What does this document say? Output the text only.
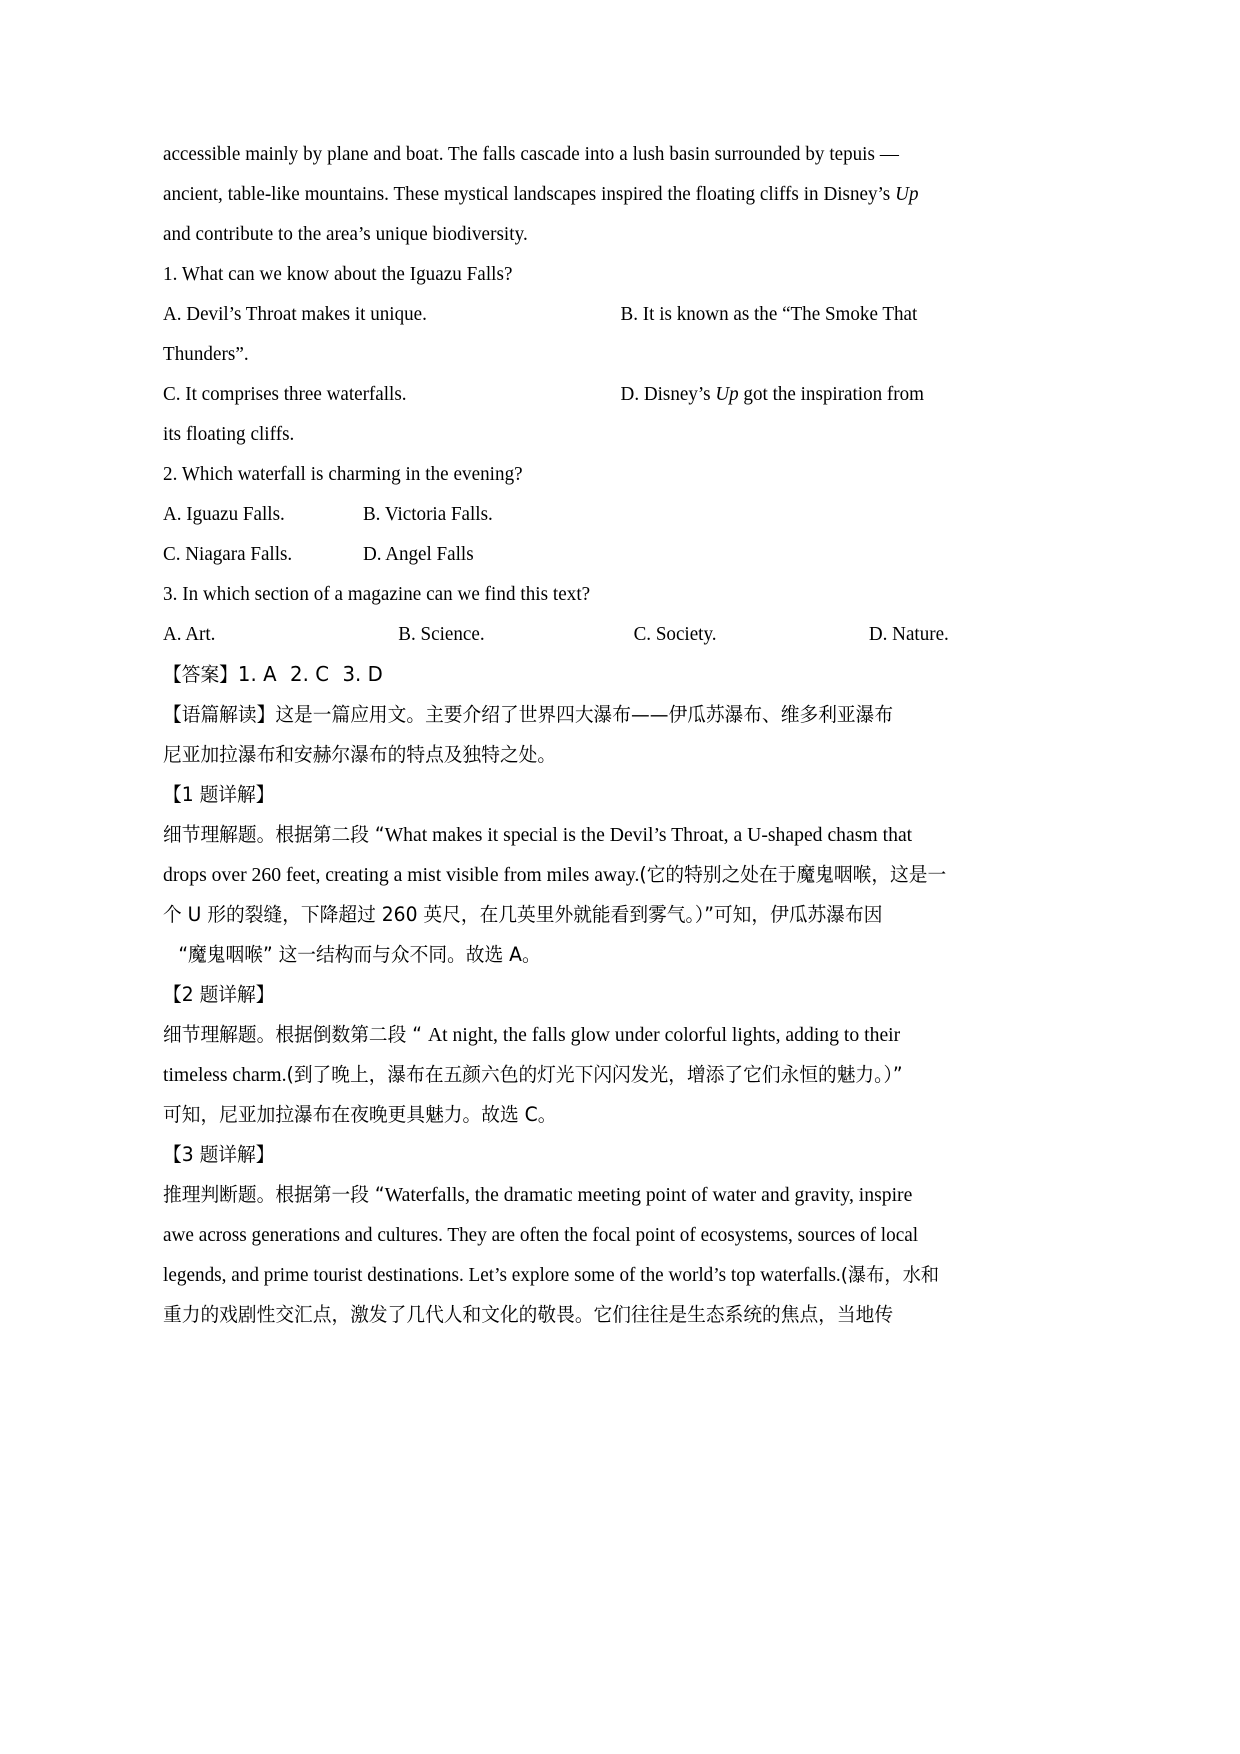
accessible mainly by plane and boat. The falls cascade into a lush basin surrounded by tepuis —
ancient, table-like mountains. These mystical landscapes inspired the floating cliffs in Disney’s Up
and contribute to the area’s unique biodiversity.
1. What can we know about the Iguazu Falls?
A. Devil’s Throat makes it unique.	B. It is known as the “The Smoke That
Thunders”.
C. It comprises three waterfalls.	D. Disney’s Up got the inspiration from
its floating cliffs.
2. Which waterfall is charming in the evening?
A. Iguazu Falls.	B. Victoria Falls.
C. Niagara Falls.	D. Angel Falls
3. In which section of a magazine can we find this text?
A. Art.	B. Science.	C. Society.	D. Nature.
【答案】1. A 2. C 3. D
【语篇解读】这是一篇应用文。主要介绍了世界四大瀑布——伊瓜苏瀑布、维多利亚瀑布
尼亚加拉瀑布和安赫尔瀑布的特点及独特之处。
【1 题详解】
细节理解题。根据第二段 “What makes it special is the Devil’s Throat, a U-shaped chasm that
drops over 260 feet, creating a mist visible from miles away.(它的特别之处在于魔鬼咽喉，这是一
个 U 形的裂缝，下降超过 260 英尺，在几英里外就能看到雾气。）”可知，伊瓜苏瀑布因
“魔鬼咽喉” 这一结构而与众不同。故选 A。
【2 题详解】
细节理解题。根据倒数第二段 “ At night, the falls glow under colorful lights, adding to their
timeless charm.(到了晚上，瀑布在五颜六色的灯光下闪闪发光，增添了它们永恒的魅力。）”
可知，尼亚加拉瀑布在夜晚更具魅力。故选 C。
【3 题详解】
推理判断题。根据第一段 “Waterfalls, the dramatic meeting point of water and gravity, inspire
awe across generations and cultures. They are often the focal point of ecosystems, sources of local
legends, and prime tourist destinations. Let’s explore some of the world’s top waterfalls.(瀑布，水和
重力的戏剧性交汇点，激发了几代人和文化的敬畏。它们往往是生态系统的焦点，当地传
